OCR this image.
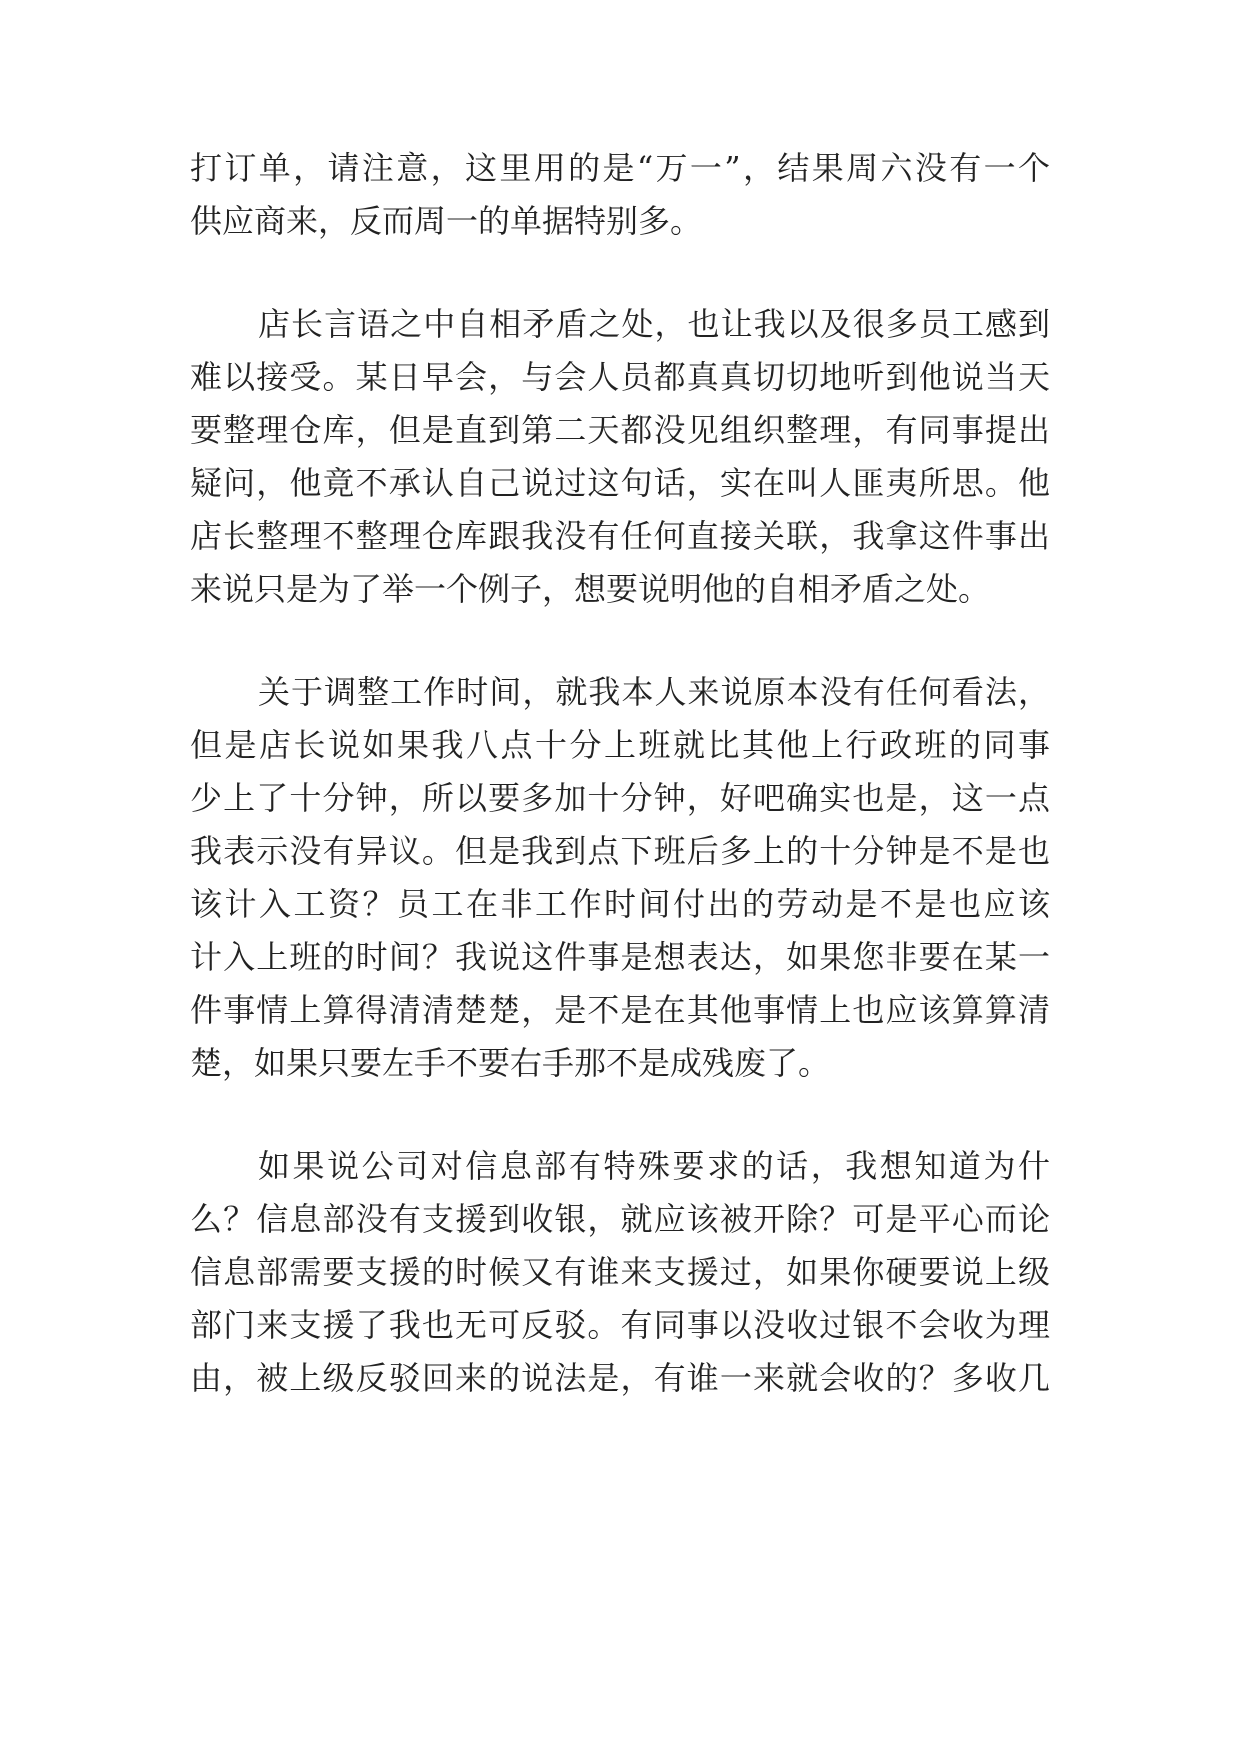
打订单，请注意，这里用的是“万一”，结果周六没有一个
供应商来，反而周一的单据特别多。
店长言语之中自相矛盾之处，也让我以及很多员工感到
难以接受。某日早会，与会人员都真真切切地听到他说当天
要整理仓库，但是直到第二天都没见组织整理，有同事提出
疑问，他竟不承认自己说过这句话，实在叫人匪夷所思。他
店长整理不整理仓库跟我没有任何直接关联，我拿这件事出
来说只是为了举一个例子，想要说明他的自相矛盾之处。
关于调整工作时间，就我本人来说原本没有任何看法，
但是店长说如果我八点十分上班就比其他上行政班的同事
少上了十分钟，所以要多加十分钟，好吧确实也是，这一点
我表示没有异议。但是我到点下班后多上的十分钟是不是也
该计入工资？员工在非工作时间付出的劳动是不是也应该
计入上班的时间？我说这件事是想表达，如果您非要在某一
件事情上算得清清楚楚，是不是在其他事情上也应该算算清
楚，如果只要左手不要右手那不是成残废了。
如果说公司对信息部有特殊要求的话，我想知道为什
么？信息部没有支援到收银，就应该被开除？可是平心而论
信息部需要支援的时候又有谁来支援过，如果你硬要说上级
部门来支援了我也无可反驳。有同事以没收过银不会收为理
由，被上级反驳回来的说法是，有谁一来就会收的？多收几
